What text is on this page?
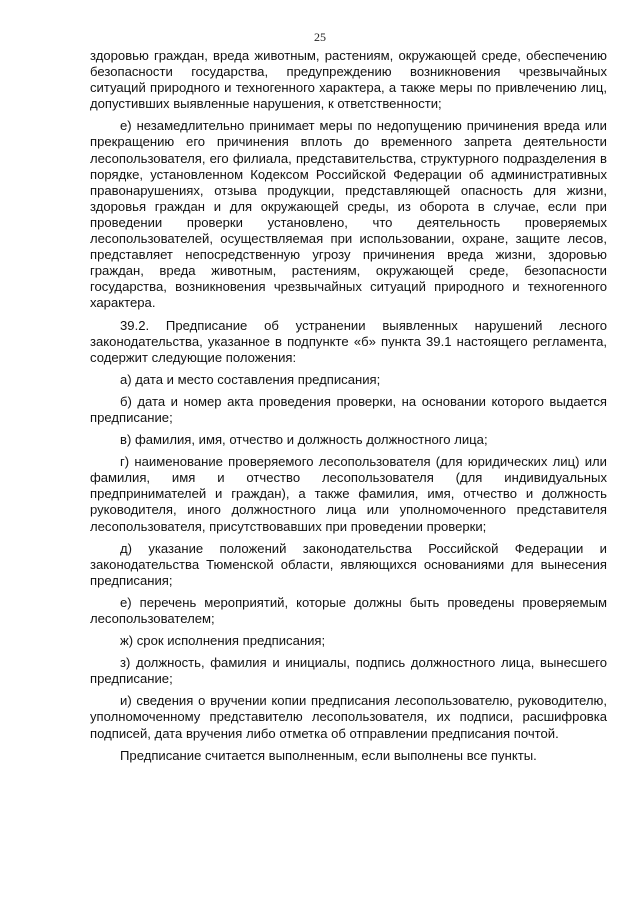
25

здоровью граждан, вреда животным, растениям, окружающей среде, обеспечению безопасности государства, предупреждению возникновения чрезвычайных ситуаций природного и техногенного характера, а также меры по привлечению лиц, допустивших выявленные нарушения, к ответственности;

е) незамедлительно принимает меры по недопущению причинения вреда или прекращению его причинения вплоть до временного запрета деятельности лесопользователя, его филиала, представительства, структурного подразделения в порядке, установленном Кодексом Российской Федерации об административных правонарушениях, отзыва продукции, представляющей опасность для жизни, здоровья граждан и для окружающей среды, из оборота в случае, если при проведении проверки установлено, что деятельность проверяемых лесопользователей, осуществляемая при использовании, охране, защите лесов, представляет непосредственную угрозу причинения вреда жизни, здоровью граждан, вреда животным, растениям, окружающей среде, безопасности государства, возникновения чрезвычайных ситуаций природного и техногенного характера.

39.2. Предписание об устранении выявленных нарушений лесного законодательства, указанное в подпункте «б» пункта 39.1 настоящего регламента, содержит следующие положения:

а) дата и место составления предписания;

б) дата и номер акта проведения проверки, на основании которого выдается предписание;

в) фамилия, имя, отчество и должность должностного лица;

г) наименование проверяемого лесопользователя (для юридических лиц) или фамилия, имя и отчество лесопользователя (для индивидуальных предпринимателей и граждан), а также фамилия, имя, отчество и должность руководителя, иного должностного лица или уполномоченного представителя лесопользователя, присутствовавших при проведении проверки;

д) указание положений законодательства Российской Федерации и законодательства Тюменской области, являющихся основаниями для вынесения предписания;

е) перечень мероприятий, которые должны быть проведены проверяемым лесопользователем;

ж) срок исполнения предписания;

з) должность, фамилия и инициалы, подпись должностного лица, вынесшего предписание;

и) сведения о вручении копии предписания лесопользователю, руководителю, уполномоченному представителю лесопользователя, их подписи, расшифровка подписей, дата вручения либо отметка об отправлении предписания почтой.

Предписание считается выполненным, если выполнены все пункты.
